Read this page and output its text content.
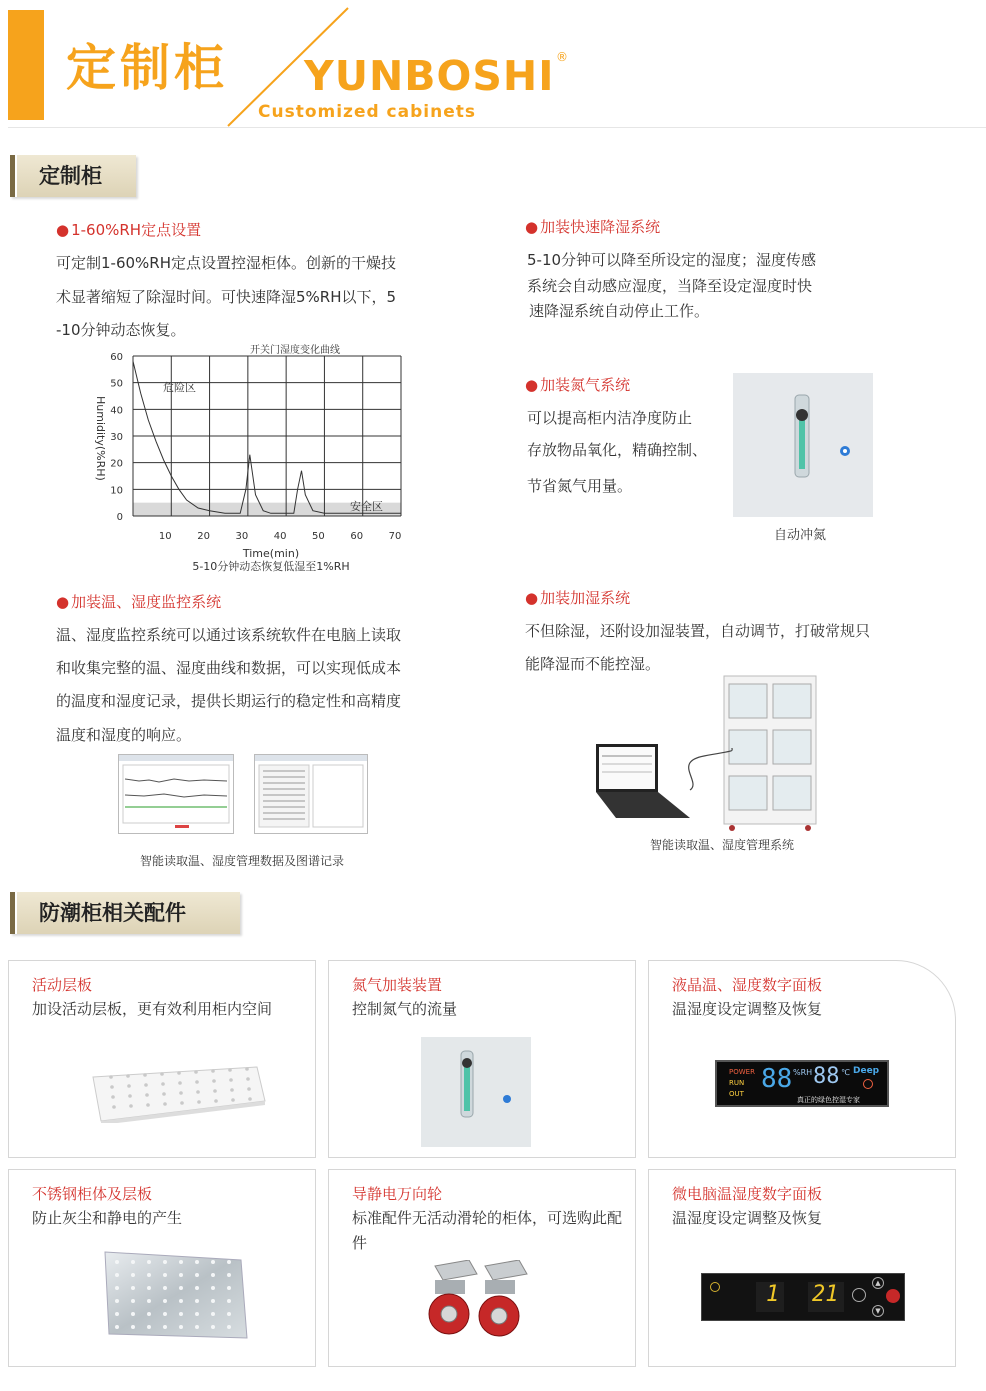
定制柜 YUNBOSHI ®
Customized cabinets
定制柜
● 1-60%RH定点设置
可定制1-60%RH定点设置控湿柜体。创新的干燥技
术显著缩短了除湿时间。可快速降湿5%RH以下，5
-10分钟动态恢复。
0
10
20
30
40
50
60
10	20	30	40	50	60	70
开关门湿度变化曲线
危险区
安全区
Humidity(%RH)
Time(min)
5-10分钟动态恢复低湿至1%RH
● 加装快速降湿系统
5-10分钟可以降至所设定的湿度；湿度传感
系统会自动感应湿度，当降至设定湿度时快
速降湿系统自动停止工作。
● 加装氮气系统
可以提高柜内洁净度防止
存放物品氧化，精确控制、
节省氮气用量。
自动冲氮
● 加装温、湿度监控系统
温、湿度监控系统可以通过该系统软件在电脑上读取
和收集完整的温、湿度曲线和数据，可以实现低成本
的温度和湿度记录，提供长期运行的稳定性和高精度
温度和湿度的响应。
智能读取温、湿度管理数据及图谱记录
● 加装加湿系统
不但除湿，还附设加湿装置，自动调节，打破常规只
能降湿而不能控湿。
智能读取温、湿度管理系统
防潮柜相关配件
活动层板
加设活动层板，更有效利用柜内空间
氮气加装装置
控制氮气的流量
液晶温、湿度数字面板
温湿度设定调整及恢复
POWER
RUN
OUT 88 %RH 88 ℃ Deep
真正的绿色控湿专家
不锈钢柜体及层板
防止灰尘和静电的产生
导静电万向轮
标准配件无活动滑轮的柜体，可选购此配件
微电脑温湿度数字面板
温湿度设定调整及恢复
1 21	▲
▼
